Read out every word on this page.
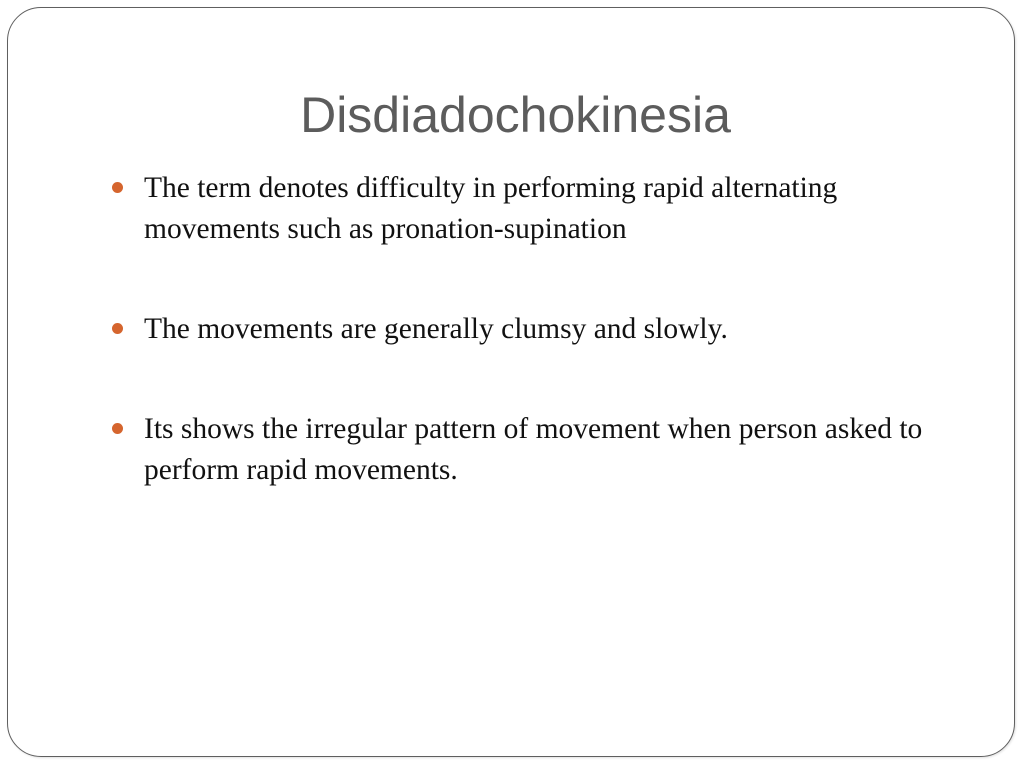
Disdiadochokinesia
The term denotes difficulty in performing rapid alternating movements such as pronation-supination
The movements are generally clumsy and slowly.
Its shows the irregular pattern of movement when person asked to perform rapid movements.
